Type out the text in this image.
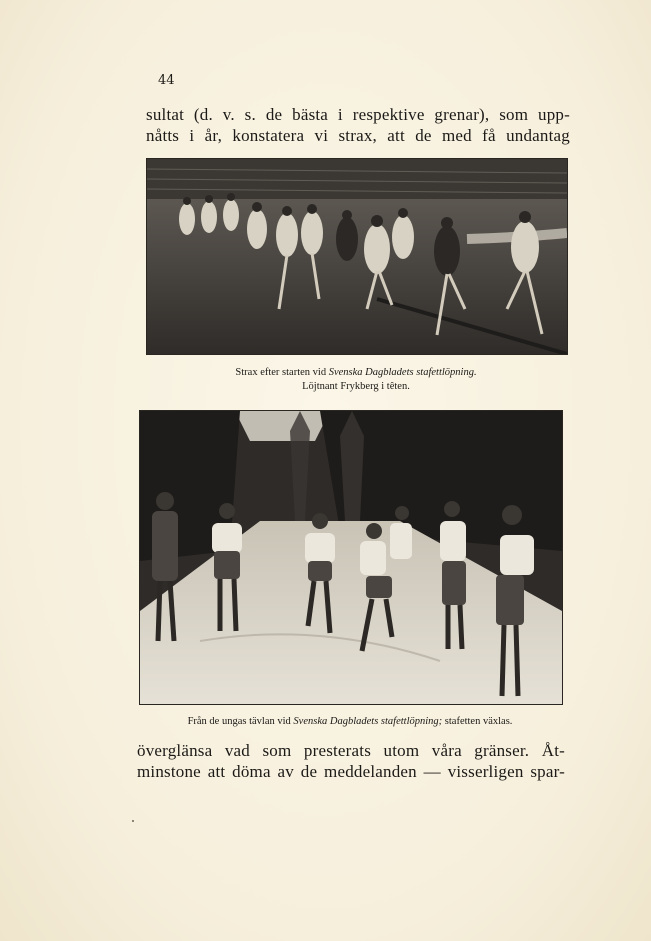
44
sultat (d. v. s. de bästa i respektive grenar), som upp-
nåtts i år, konstatera vi strax, att de med få undantag
Strax efter starten vid Svenska Dagbladets stafettlöpning.
Löjtnant Frykberg i têten.
Från de ungas tävlan vid Svenska Dagbladets stafettlöpning; stafetten växlas.
överglänsa vad som presterats utom våra gränser. Åt-
minstone att döma av de meddelanden — visserligen spar-
